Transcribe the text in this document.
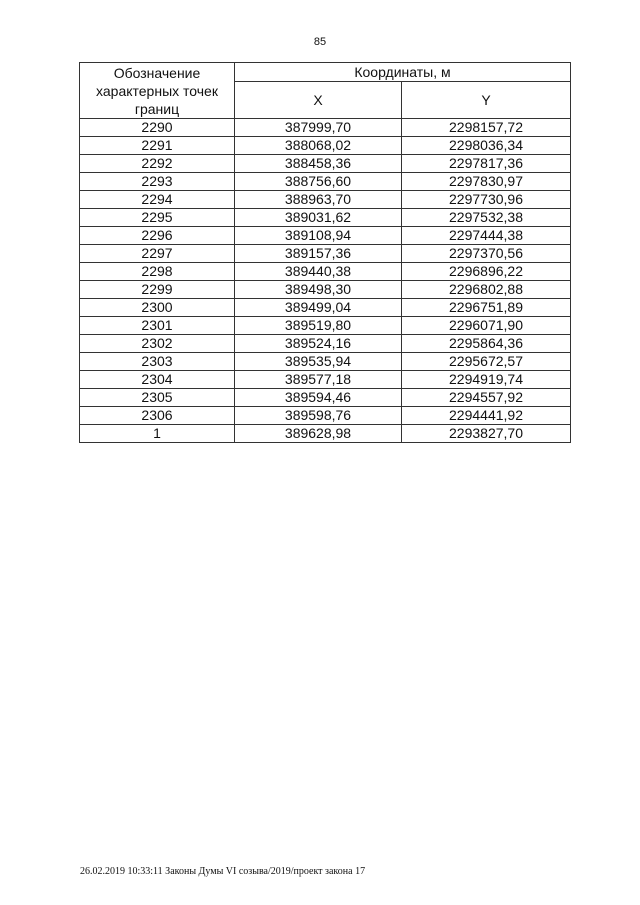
85
Обозначение характерных точек границ	Координаты, м	
	X	Y
2290	387999,70	2298157,72
2291	388068,02	2298036,34
2292	388458,36	2297817,36
2293	388756,60	2297830,97
2294	388963,70	2297730,96
2295	389031,62	2297532,38
2296	389108,94	2297444,38
2297	389157,36	2297370,56
2298	389440,38	2296896,22
2299	389498,30	2296802,88
2300	389499,04	2296751,89
2301	389519,80	2296071,90
2302	389524,16	2295864,36
2303	389535,94	2295672,57
2304	389577,18	2294919,74
2305	389594,46	2294557,92
2306	389598,76	2294441,92
1	389628,98	2293827,70
26.02.2019 10:33:11 Законы Думы VI созыва/2019/проект закона 17
